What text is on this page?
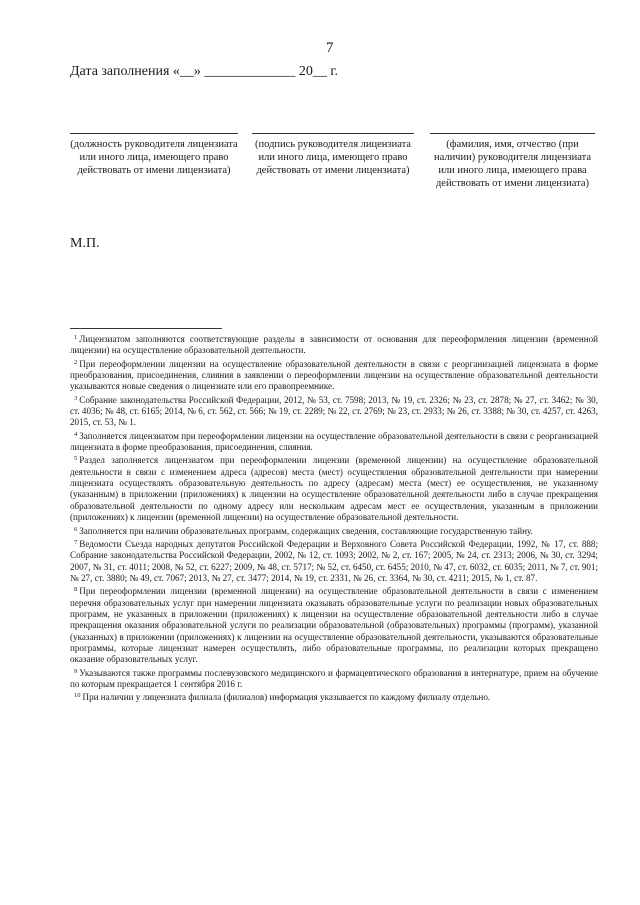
7
Дата заполнения «__» _____________ 20__ г.
(должность руководителя лицензиата или иного лица, имеющего право действовать от имени лицензиата)
(подпись руководителя лицензиата или иного лица, имеющего право действовать от имени лицензиата)
(фамилия, имя, отчество (при наличии) руководителя лицензиата или иного лица, имеющего права действовать от имени лицензиата)
М.П.

$^1$ Лицензиатом заполняются соответствующие разделы в зависимости от основания для переоформления лицензии (временной лицензии) на осуществление образовательной деятельности.

$^2$ При переоформлении лицензии на осуществление образовательной деятельности в связи с реорганизацией лицензиата в форме преобразования, присоединения, слияния в заявлении о переоформлении лицензии на осуществление образовательной деятельности указываются новые сведения о лицензиате или его правопреемнике.

$^3$ Собрание законодательства Российской Федерации, 2012, № 53, ст. 7598; 2013, № 19, ст. 2326; № 23, ст. 2878; № 27, ст. 3462; № 30, ст. 4036; № 48, ст. 6165; 2014, № 6, ст. 562, ст. 566; № 19, ст. 2289; № 22, ст. 2769; № 23, ст. 2933; № 26, ст. 3388; № 30, ст. 4257, ст. 4263, 2015, ст. 53, № 1.

$^4$ Заполняется лицензиатом при переоформлении лицензии на осуществление образовательной деятельности в связи с реорганизацией лицензиата в форме преобразования, присоединения, слияния.

$^5$ Раздел заполняется лицензиатом при переоформлении лицензии (временной лицензии) на осуществление образовательной деятельности в связи с изменением адреса (адресов) места (мест) осуществления образовательной деятельности при намерении лицензиата осуществлять образовательную деятельность по адресу (адресам) места (мест) ее осуществления, не указанному (указанным) в приложении (приложениях) к лицензии на осуществление образовательной деятельности либо в случае прекращения образовательной деятельности по одному адресу или нескольким адресам мест ее осуществления, указанным в приложении (приложениях) к лицензии (временной лицензии) на осуществление образовательной деятельности.

$^6$ Заполняется при наличии образовательных программ, содержащих сведения, составляющие государственную тайну.

$^7$ Ведомости Съезда народных депутатов Российской Федерации и Верховного Совета Российской Федерации, 1992, № 17, ст. 888; Собрание законодательства Российской Федерации, 2002, № 12, ст. 1093; 2002, № 2, ст. 167; 2005, № 24, ст. 2313; 2006, № 30, ст. 3294; 2007, № 31, ст. 4011; 2008, № 52, ст. 6227; 2009, № 48, ст. 5717; № 52, ст. 6450, ст. 6455; 2010, № 47, ст. 6032, ст. 6035; 2011, № 7, ст. 901; № 27, ст. 3880; № 49, ст. 7067; 2013, № 27, ст. 3477; 2014, № 19, ст. 2331, № 26, ст. 3364, № 30, ст. 4211; 2015, № 1, ст. 87.

$^8$ При переоформлении лицензии (временной лицензии) на осуществление образовательной деятельности в связи с изменением перечня образовательных услуг при намерении лицензиата оказывать образовательные услуги по реализации новых образовательных программ, не указанных в приложении (приложениях) к лицензии на осуществление образовательной деятельности либо в случае прекращения оказания образовательной услуги по реализации образовательной (образовательных) программы (программ), указанной (указанных) в приложении (приложениях) к лицензии на осуществление образовательной деятельности, указываются образовательные программы, которые лицензиат намерен осуществлять, либо образовательные программы, по реализации которых прекращено оказание образовательных услуг.

$^9$ Указываются также программы послевузовского медицинского и фармацевтического образования в интернатуре, прием на обучение по которым прекращается 1 сентября 2016 г.

$^{10}$ При наличии у лицензиата филиала (филиалов) информация указывается по каждому филиалу отдельно.
